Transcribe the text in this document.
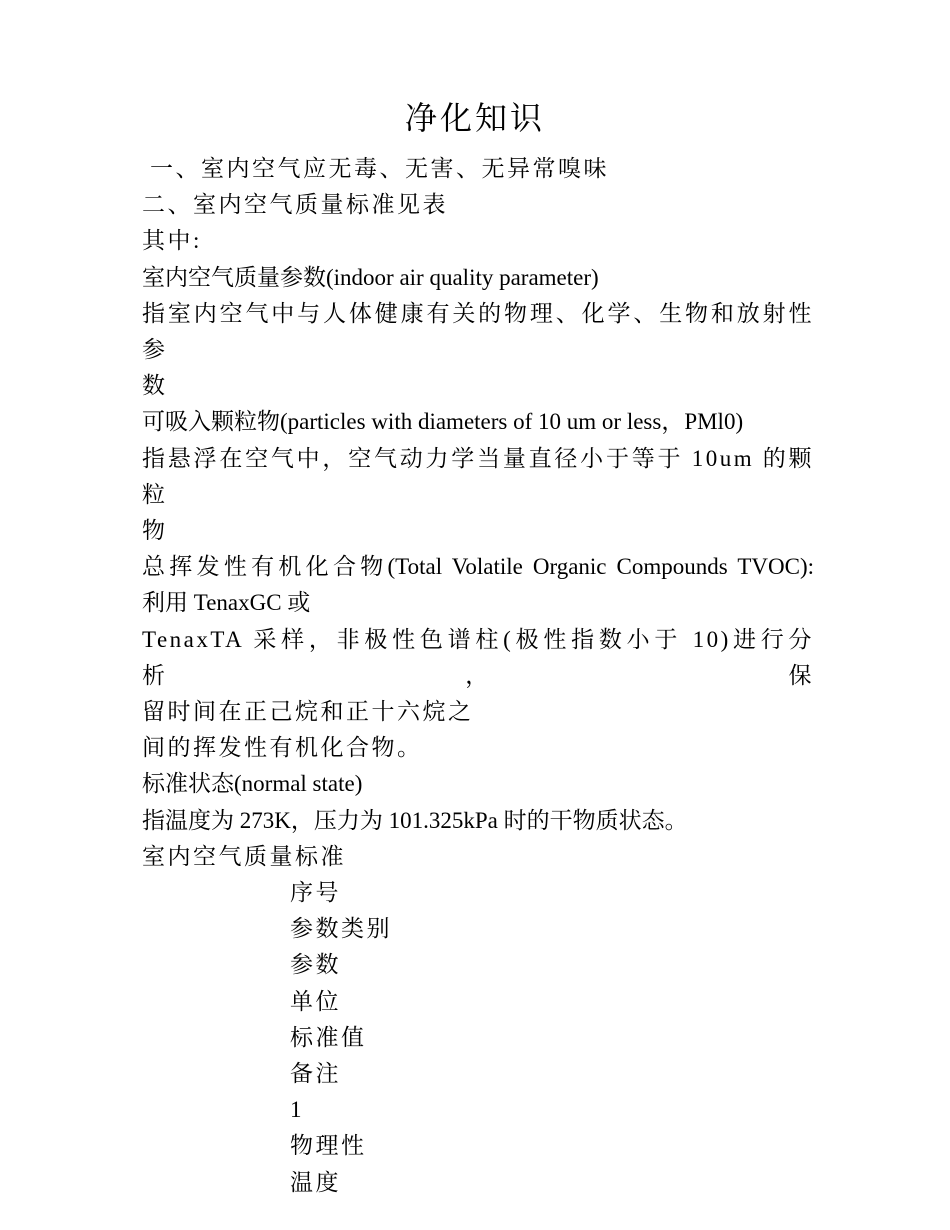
净化知识
一、室内空气应无毒、无害、无异常嗅味
二、室内空气质量标准见表
其中:
室内空气质量参数(indoor air quality parameter)
指室内空气中与人体健康有关的物理、化学、生物和放射性参
数
可吸入颗粒物(particles with diameters of 10 um or less，PMl0)
指悬浮在空气中，空气动力学当量直径小于等于 10um 的颗粒
物
总挥发性有机化合物(Total Volatile Organic Compounds TVOC):
利用 TenaxGC 或
TenaxTA 采样，非极性色谱柱(极性指数小于 10)进行分析，保
留时间在正己烷和正十六烷之
间的挥发性有机化合物。
标准状态(normal state)
指温度为 273K，压力为 101.325kPa 时的干物质状态。
室内空气质量标准
序号
参数类别
参数
单位
标准值
备注
1
物理性
温度
